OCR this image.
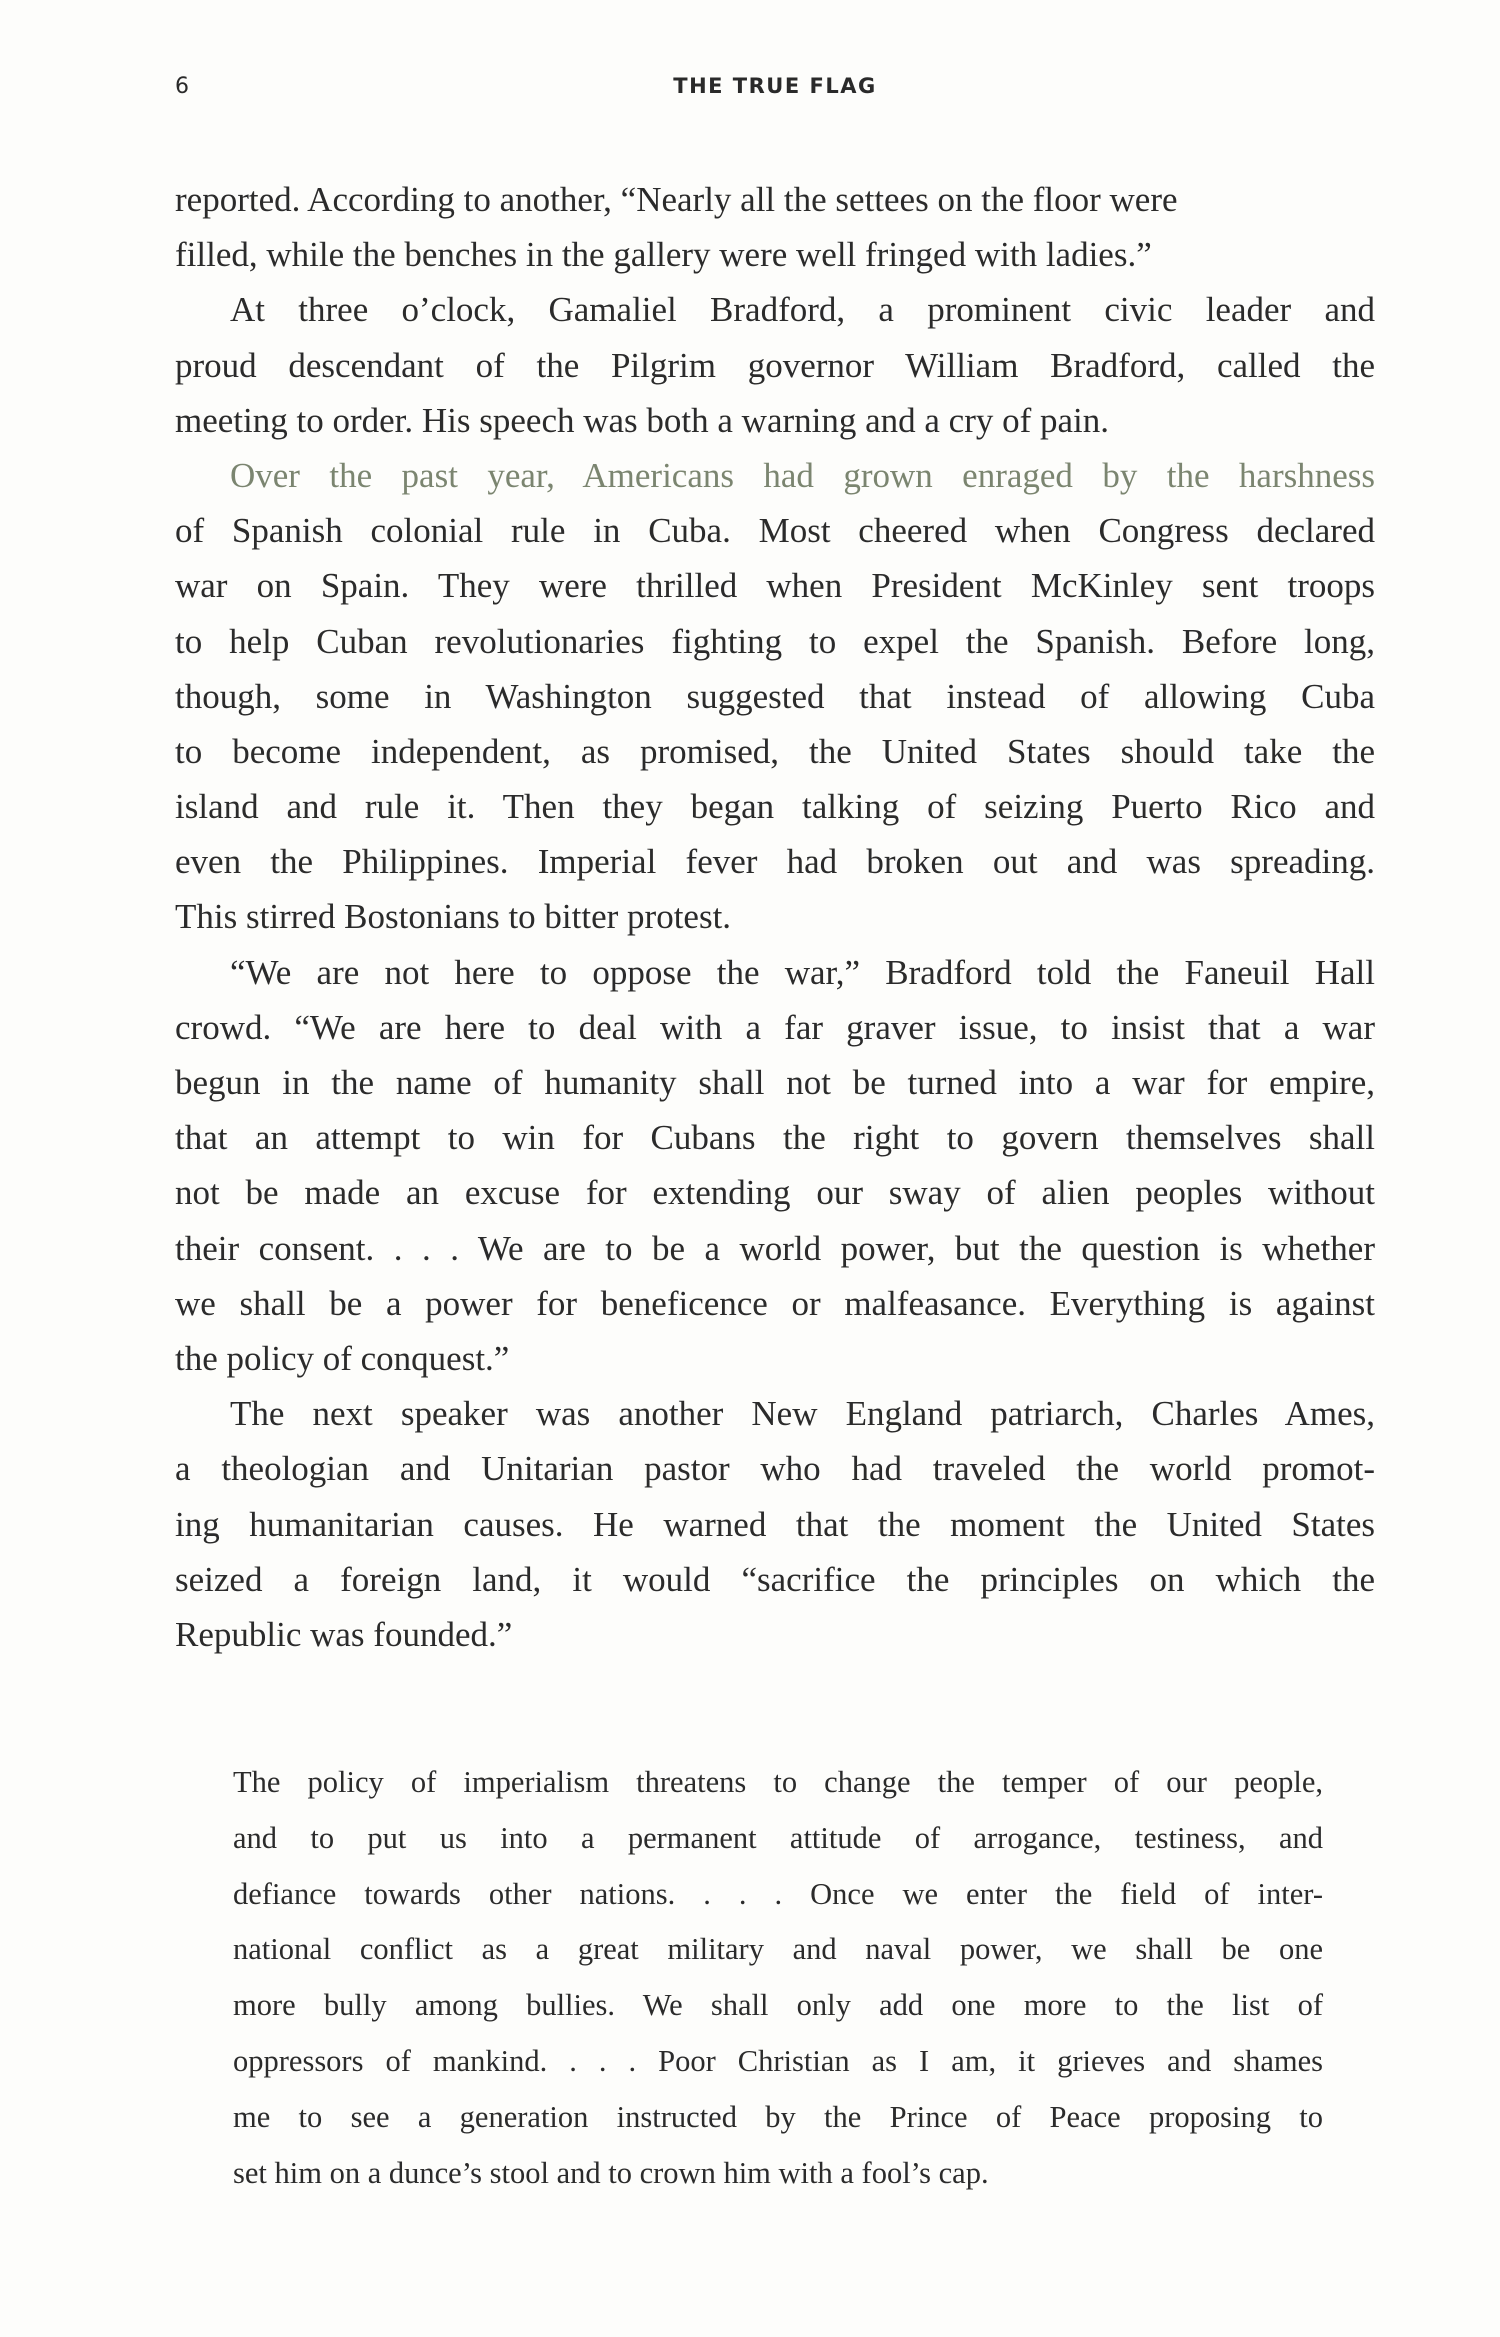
6	THE TRUE FLAG
reported. According to another, “Nearly all the settees on the floor were
filled, while the benches in the gallery were well fringed with ladies.”
At three o’clock, Gamaliel Bradford, a prominent civic leader and
proud descendant of the Pilgrim governor William Bradford, called the
meeting to order. His speech was both a warning and a cry of pain.
Over the past year, Americans had grown enraged by the harshness
of Spanish colonial rule in Cuba. Most cheered when Congress declared
war on Spain. They were thrilled when President McKinley sent troops
to help Cuban revolutionaries fighting to expel the Spanish. Before long,
though, some in Washington suggested that instead of allowing Cuba
to become independent, as promised, the United States should take the
island and rule it. Then they began talking of seizing Puerto Rico and
even the Philippines. Imperial fever had broken out and was spreading.
This stirred Bostonians to bitter protest.
“We are not here to oppose the war,” Bradford told the Faneuil Hall
crowd. “We are here to deal with a far graver issue, to insist that a war
begun in the name of humanity shall not be turned into a war for empire,
that an attempt to win for Cubans the right to govern themselves shall
not be made an excuse for extending our sway of alien peoples without
their consent. . . . We are to be a world power, but the question is whether
we shall be a power for beneficence or malfeasance. Everything is against
the policy of conquest.”
The next speaker was another New England patriarch, Charles Ames,
a theologian and Unitarian pastor who had traveled the world promot-
ing humanitarian causes. He warned that the moment the United States
seized a foreign land, it would “sacrifice the principles on which the
Republic was founded.”
The policy of imperialism threatens to change the temper of our people,
and to put us into a permanent attitude of arrogance, testiness, and
defiance towards other nations. . . . Once we enter the field of inter-
national conflict as a great military and naval power, we shall be one
more bully among bullies. We shall only add one more to the list of
oppressors of mankind. . . . Poor Christian as I am, it grieves and shames
me to see a generation instructed by the Prince of Peace proposing to
set him on a dunce’s stool and to crown him with a fool’s cap.
